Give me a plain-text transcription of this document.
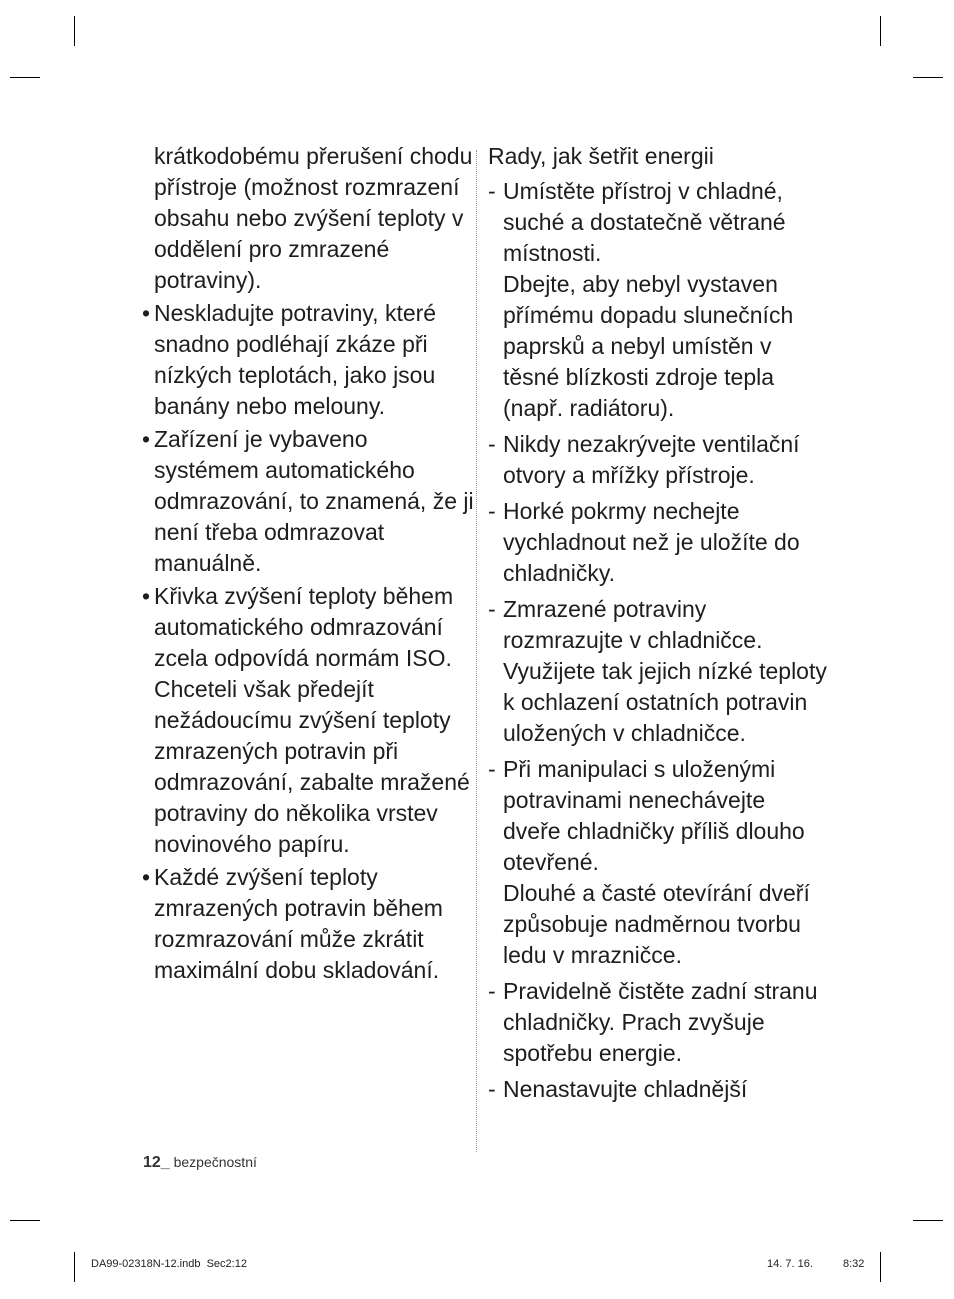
krátkodobému přerušení chodu přístroje (možnost rozmrazení obsahu nebo zvýšení teploty v oddělení pro zmrazené potraviny).
• Neskladujte potraviny, které snadno podléhají zkáze při nízkých teplotách, jako jsou banány nebo melouny.
• Zařízení je vybaveno systémem automatického odmrazování, to znamená, že ji není třeba odmrazovat manuálně.
• Křivka zvýšení teploty během automatického odmrazování zcela odpovídá normám ISO. Chceteli však předejít nežádoucímu zvýšení teploty zmrazených potravin při odmrazování, zabalte mražené potraviny do několika vrstev novinového papíru.
• Každé zvýšení teploty zmrazených potravin během rozmrazování může zkrátit maximální dobu skladování.
Rady, jak šetřit energii
- Umístěte přístroj v chladné, suché a dostatečně větrané místnosti.
Dbejte, aby nebyl vystaven přímému dopadu slunečních paprsků a nebyl umístěn v těsné blízkosti zdroje tepla (např. radiátoru).
- Nikdy nezakrývejte ventilační otvory a mřížky přístroje.
- Horké pokrmy nechejte vychladnout než je uložíte do chladničky.
- Zmrazené potraviny rozmrazujte v chladničce.
Využijete tak jejich nízké teploty k ochlazení ostatních potravin uložených v chladničce.
- Při manipulaci s uloženými potravinami nenechávejte dveře chladničky příliš dlouho otevřené.
Dlouhé a časté otevírání dveří způsobuje nadměrnou tvorbu ledu v mrazničce.
- Pravidelně čistěte zadní stranu chladničky. Prach zvyšuje spotřebu energie.
- Nenastavujte chladnější
12_ bezpečnostní
DA99-02318N-12.indb Sec2:12	14. 7. 16.	8:32
